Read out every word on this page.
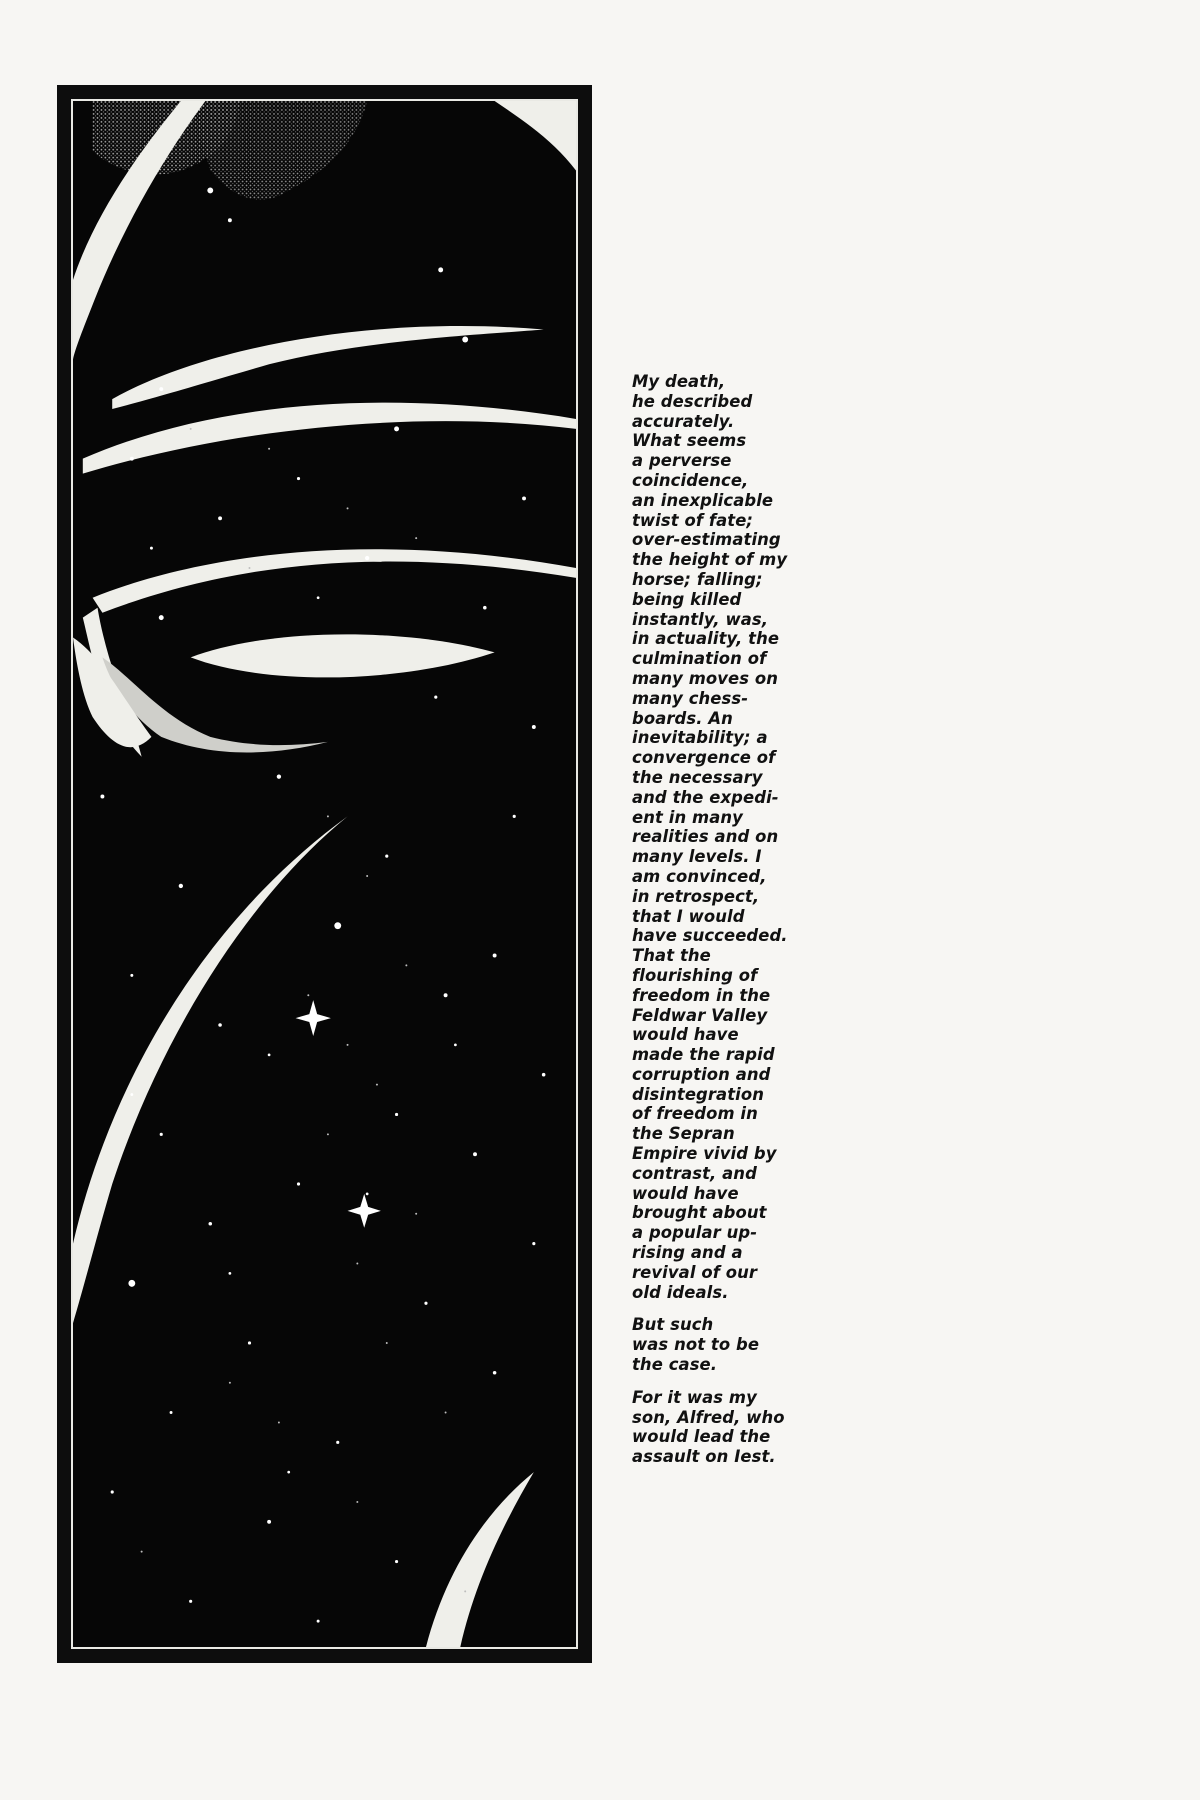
My death,
he described
accurately.
What seems
a perverse
coincidence,
an inexplicable
twist of fate;
over-estimating
the height of my
horse; falling;
being killed
instantly, was,
in actuality, the
culmination of
many moves on
many chess-
boards. An
inevitability; a
convergence of
the necessary
and the expedi-
ent in many
realities and on
many levels. I
am convinced,
in retrospect,
that I would
have succeeded.
That the
flourishing of
freedom in the
Feldwar Valley
would have
made the rapid
corruption and
disintegration
of freedom in
the Sepran
Empire vivid by
contrast, and
would have
brought about
a popular up-
rising and a
revival of our
old ideals.

But such
was not to be
the case.

For it was my
son, Alfred, who
would lead the
assault on Iest.
